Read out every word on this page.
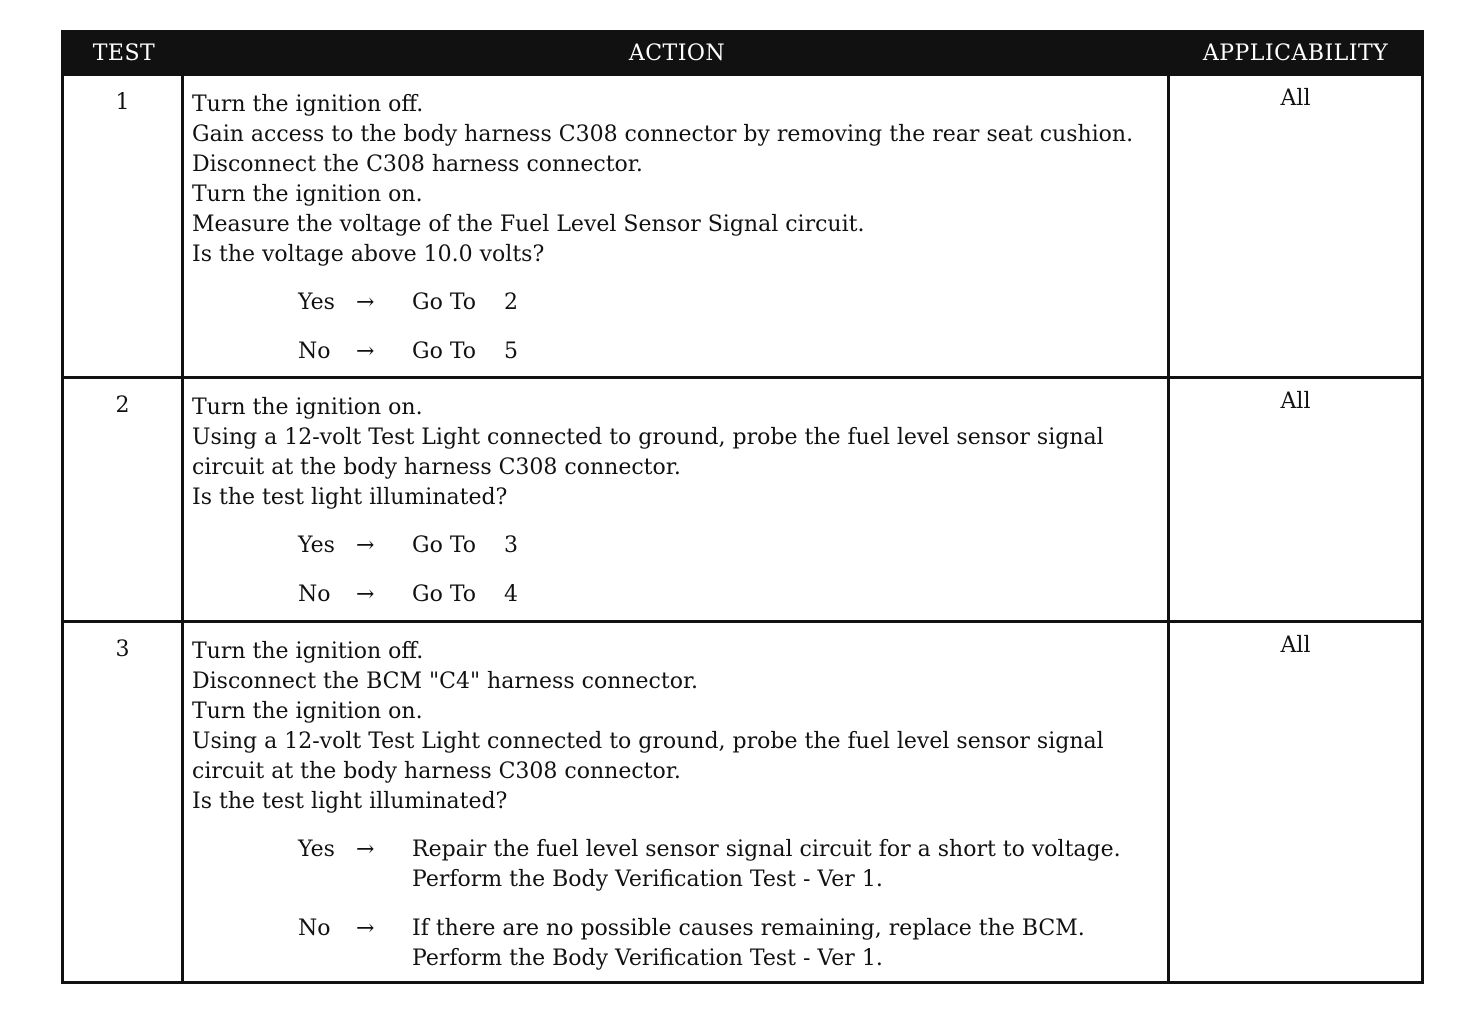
TEST	ACTION	APPLICABILITY
1	Turn the ignition off.
Gain access to the body harness C308 connector by removing the rear seat cushion.
Disconnect the C308 harness connector.
Turn the ignition on.
Measure the voltage of the Fuel Level Sensor Signal circuit.
Is the voltage above 10.0 volts?
Yes →	Go To 2
No	→	Go To 5
All
2	Turn the ignition on.
Using a 12-volt Test Light connected to ground, probe the fuel level sensor signal
circuit at the body harness C308 connector.
Is the test light illuminated?
Yes →	Go To 3
No	→	Go To 4
All
3	Turn the ignition off.
Disconnect the BCM "C4" harness connector.
Turn the ignition on.
Using a 12-volt Test Light connected to ground, probe the fuel level sensor signal
circuit at the body harness C308 connector.
Is the test light illuminated?
Yes →	Repair the fuel level sensor signal circuit for a short to voltage.
Perform the Body Verification Test - Ver 1.
No	→	If there are no possible causes remaining, replace the BCM.
Perform the Body Verification Test - Ver 1.
All
